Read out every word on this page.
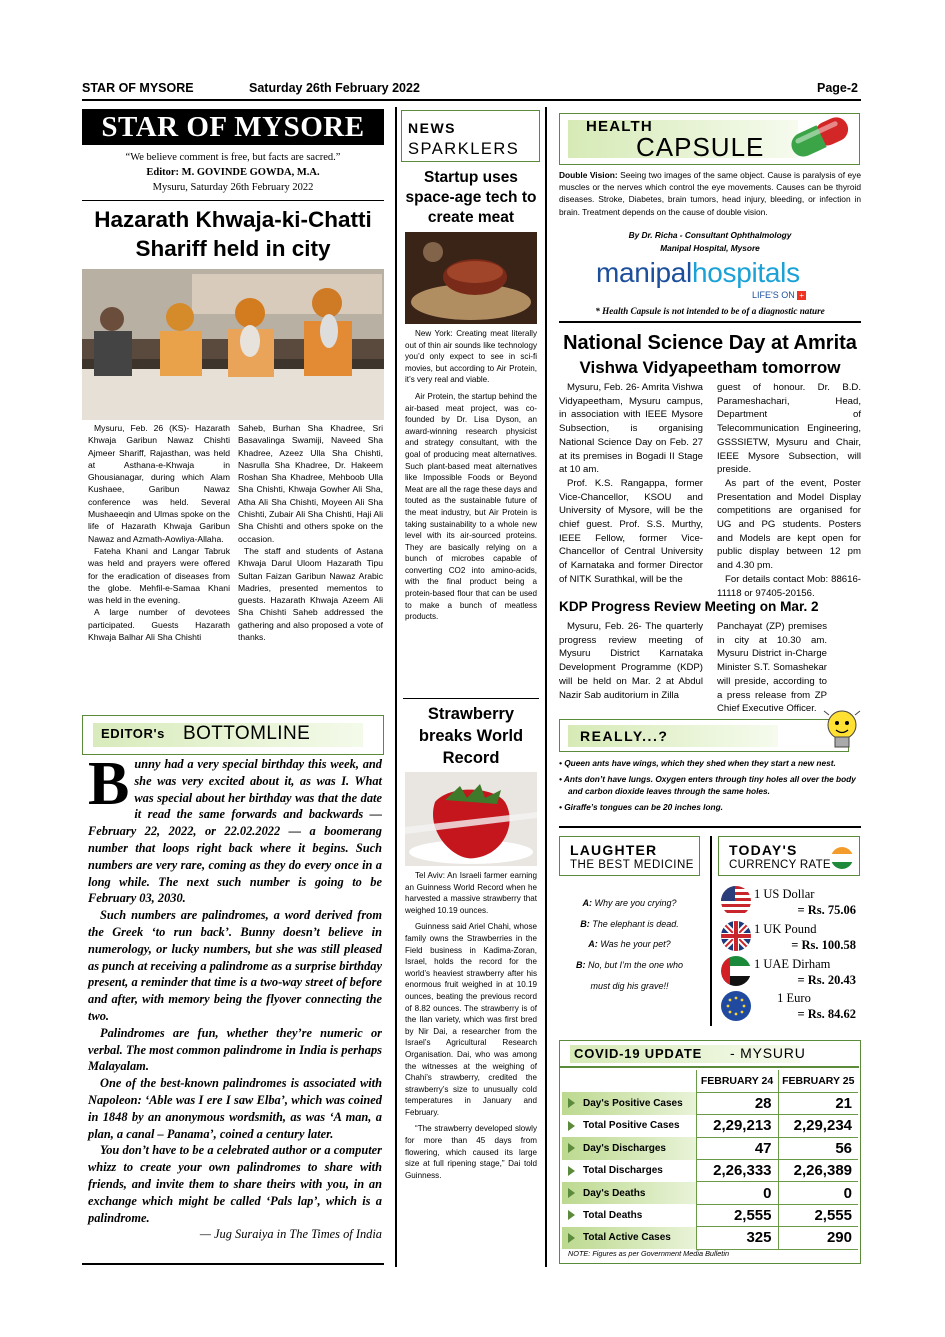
STAR OF MYSORE	Saturday 26th February 2022	Page-2
STAR OF MYSORE
“We believe comment is free, but facts are sacred.”
Editor: M. GOVINDE GOWDA, M.A.
Mysuru, Saturday 26th February 2022
Hazarath Khwaja-ki-Chatti
Shariff held in city

Mysuru, Feb. 26 (KS)- Hazarath Khwaja Garibun Nawaz Chishti Ajmeer Shariff, Rajasthan, was held at Asthana-e-Khwaja in Ghousianagar, during which Alam Kushaee, Garibun Nawaz conference was held. Several Mushaeeqin and Ulmas spoke on the life of Hazarath Khwaja Garibun Nawaz and Azmath-Aowliya-Allaha.

Fateha Khani and Langar Tabruk was held and prayers were offered for the eradication of diseases from the globe. Mehfil-e-Samaa Khani was held in the evening.

A large number of devotees participated. Guests Hazarath Khwaja Balhar Ali Sha Chishti

Saheb, Burhan Sha Khadree, Sri Basavalinga Swamiji, Naveed Sha Khadree, Azeez Ulla Sha Chishti, Nasrulla Sha Khadree, Dr. Hakeem Roshan Sha Khadree, Mehboob Ulla Sha Chishti, Khwaja Gowher Ali Sha, Atha Ali Sha Chishti, Moyeen Ali Sha Chishti, Zubair Ali Sha Chishti, Haji Ali Sha Chishti and others spoke on the occasion.

The staff and students of Astana Khwaja Darul Uloom Hazarath Tipu Sultan Faizan Garibun Nawaz Arabic Madries, presented mementos to guests. Hazarath Khwaja Azeem Ali Sha Chishti Saheb addressed the gathering and also proposed a vote of thanks.

EDITOR's BOTTOMLINE
B unny had a very special birthday this week, and she was very excited about it, as was I. What was special about her birthday was that the date it read the same forwards and backwards — February 22, 2022, or 22.02.2022 — a boomerang number that loops right back where it begins. Such numbers are very rare, coming as they do every once in a long while. The next such number is going to be February 03, 2030.

Such numbers are palindromes, a word derived from the Greek ‘to run back’. Bunny doesn’t believe in numerology, or lucky numbers, but she was still pleased as punch at receiving a palindrome as a surprise birthday present, a reminder that time is a two-way street of before and after, with memory being the flyover connecting the two.

Palindromes are fun, whether they’re numeric or verbal. The most common palindrome in India is perhaps Malayalam.

One of the best-known palindromes is associated with Napoleon: ‘Able was I ere I saw Elba’, which was coined in 1848 by an anonymous wordsmith, as was ‘A man, a plan, a canal – Panama’, coined a century later.

You don’t have to be a celebrated author or a computer whizz to create your own palindromes to share with friends, and invite them to share theirs with you, in an exchange which might be called ‘Pals lap’, which is a palindrome.

— Jug Suraiya in The Times of India

NEWS
SPARKLERS
Startup uses space-age tech to create meat

New York: Creating meat literally out of thin air sounds like technology you’d only expect to see in sci-fi movies, but according to Air Protein, it’s very real and viable.

Air Protein, the startup behind the air-based meat project, was co-founded by Dr. Lisa Dyson, an award-winning research physicist and strategy consultant, with the goal of producing meat alternatives. Such plant-based meat alternatives like Impossible Foods or Beyond Meat are all the rage these days and touted as the sustainable future of the meat industry, but Air Protein is taking sustainability to a whole new level with its air-sourced proteins. They are basically relying on a bunch of microbes capable of converting CO2 into amino-acids, with the final product being a protein-based flour that can be used to make a bunch of meatless products.

Strawberry breaks World Record

Tel Aviv: An Israeli farmer earning an Guinness World Record when he harvested a massive strawberry that weighed 10.19 ounces.

Guinness said Ariel Chahi, whose family owns the Strawberries in the Field business in Kadima-Zoran, Israel, holds the record for the world’s heaviest strawberry after his enormous fruit weighed in at 10.19 ounces, beating the previous record of 8.82 ounces. The strawberry is of the Ilan variety, which was first bred by Nir Dai, a researcher from the Israel’s Agricultural Research Organisation. Dai, who was among the witnesses at the weighing of Chahi’s strawberry, credited the strawberry’s size to unusually cold temperatures in January and February.

“The strawberry developed slowly for more than 45 days from flowering, which caused its large size at full ripening stage,” Dai told Guinness.

HEALTH
CAPSULE
Double Vision: Seeing two images of the same object. Cause is paralysis of eye muscles or the nerves which control the eye movements. Causes can be thyroid diseases. Stroke, Diabetes, brain tumors, head injury, bleeding, or infection in brain. Treatment depends on the cause of double vision.
By Dr. Richa - Consultant Ophthalmology
Manipal Hospital, Mysore
manipalhospitals
LIFE'S ON +
* Health Capsule is not intended to be of a diagnostic nature
National Science Day at Amrita
Vishwa Vidyapeetham tomorrow

Mysuru, Feb. 26- Amrita Vishwa Vidyapeetham, Mysuru campus, in association with IEEE Mysore Subsection, is organising National Science Day on Feb. 27 at its premises in Bogadi II Stage at 10 am.

Prof. K.S. Rangappa, former Vice-Chancellor, KSOU and University of Mysore, will be the chief guest. Prof. S.S. Murthy, IEEE Fellow, former Vice-Chancellor of Central University of Karnataka and former Director of NITK Surathkal, will be the

guest of honour. Dr. B.D. Parameshachari, Head, Department of Telecommunication Engineering, GSSSIETW, Mysuru and Chair, IEEE Mysore Subsection, will preside.

As part of the event, Poster Presentation and Model Display competitions are organised for UG and PG students. Posters and Models are kept open for public display between 12 pm and 4.30 pm.

For details contact Mob: 88616-11118 or 97405-20156.

KDP Progress Review Meeting on Mar. 2
Mysuru, Feb. 26- The quarterly progress review meeting of Mysuru District Karnataka Development Programme (KDP) will be held on Mar. 2 at Abdul Nazir Sab auditorium in Zilla
Panchayat (ZP) premises in city at 10.30 am. Mysuru District in-Charge Minister S.T. Somashekar will preside, according to a press release from ZP Chief Executive Officer.
REALLY...?
• Queen ants have wings, which they shed when they start a new nest.
• Ants don’t have lungs. Oxygen enters through tiny holes all over the body and carbon dioxide leaves through the same holes.
• Giraffe’s tongues can be 20 inches long.
LAUGHTER
THE BEST MEDICINE
A: Why are you crying?
B: The elephant is dead.
A: Was he your pet?
B: No, but I’m the one who
must dig his grave!!
TODAY'S
CURRENCY RATE
1 US Dollar
= Rs. 75.06
1 UK Pound
= Rs. 100.58
1 UAE Dirham
= Rs. 20.43
1 Euro
= Rs. 84.62
COVID-19 UPDATE - MYSURU
	FEBRUARY 24	FEBRUARY 25
Day's Positive Cases	28	21
Total Positive Cases	2,29,213	2,29,234
Day's Discharges	47	56
Total Discharges	2,26,333	2,26,389
Day's Deaths	0	0
Total Deaths	2,555	2,555
Total Active Cases	325	290
NOTE: Figures as per Government Media Bulletin
